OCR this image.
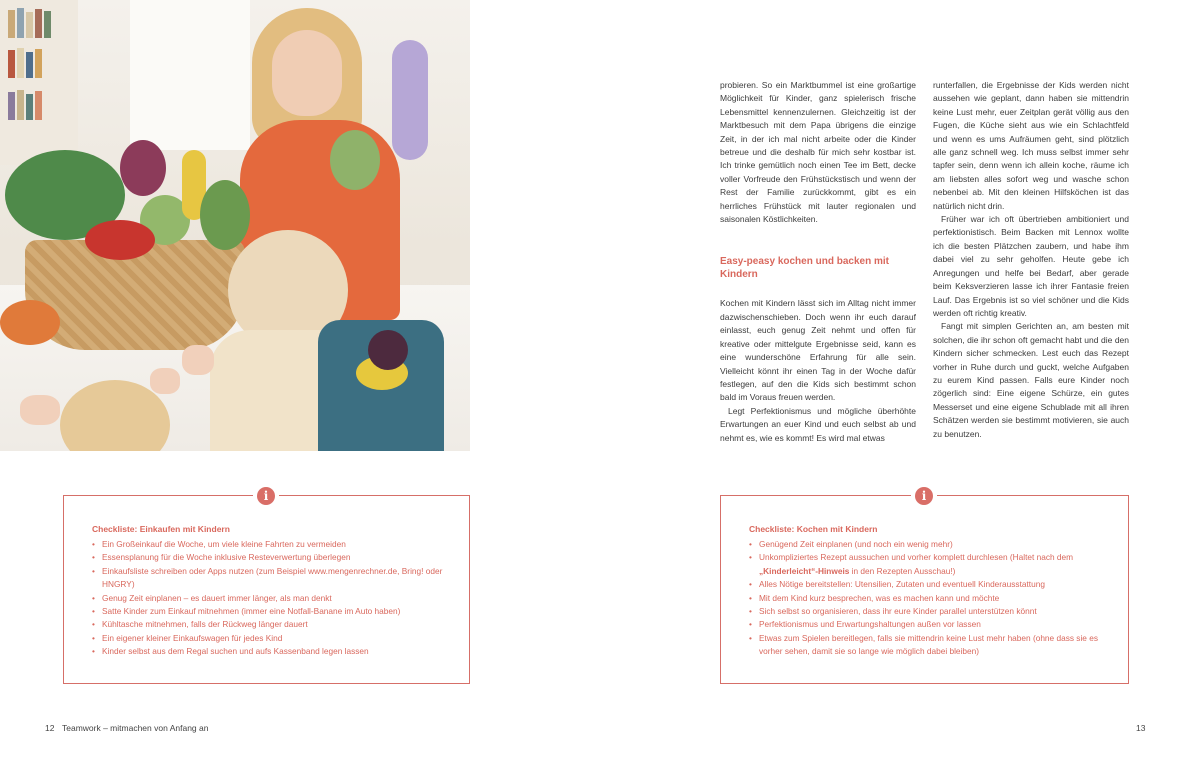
probieren. So ein Marktbummel ist eine großartige Möglichkeit für Kinder, ganz spielerisch frische Lebensmittel kennenzulernen. Gleichzeitig ist der Marktbesuch mit dem Papa übrigens die einzige Zeit, in der ich mal nicht arbeite oder die Kinder betreue und die deshalb für mich sehr kostbar ist. Ich trinke gemütlich noch einen Tee im Bett, decke voller Vorfreude den Frühstückstisch und wenn der Rest der Familie zurückkommt, gibt es ein herrliches Frühstück mit lauter regionalen und saisonalen Köstlichkeiten.

Easy-peasy kochen und backen mit Kindern

Kochen mit Kindern lässt sich im Alltag nicht immer dazwischenschieben. Doch wenn ihr euch darauf einlasst, euch genug Zeit nehmt und offen für kreative oder mittelgute Ergebnisse seid, kann es eine wunderschöne Erfahrung für alle sein. Vielleicht könnt ihr einen Tag in der Woche dafür festlegen, auf den die Kids sich bestimmt schon bald im Voraus freuen werden.

Legt Perfektionismus und mögliche überhöhte Erwartungen an euer Kind und euch selbst ab und nehmt es, wie es kommt! Es wird mal etwas

runterfallen, die Ergebnisse der Kids werden nicht aussehen wie geplant, dann haben sie mittendrin keine Lust mehr, euer Zeitplan gerät völlig aus den Fugen, die Küche sieht aus wie ein Schlachtfeld und wenn es ums Aufräumen geht, sind plötzlich alle ganz schnell weg. Ich muss selbst immer sehr tapfer sein, denn wenn ich allein koche, räume ich am liebsten alles sofort weg und wasche schon nebenbei ab. Mit den kleinen Hilfsköchen ist das natürlich nicht drin.

Früher war ich oft übertrieben ambitioniert und perfektionistisch. Beim Backen mit Lennox wollte ich die besten Plätzchen zaubern, und habe ihm dabei viel zu sehr geholfen. Heute gebe ich Anregungen und helfe bei Bedarf, aber gerade beim Keksverzieren lasse ich ihrer Fantasie freien Lauf. Das Ergebnis ist so viel schöner und die Kids werden oft richtig kreativ.

Fangt mit simplen Gerichten an, am besten mit solchen, die ihr schon oft gemacht habt und die den Kindern sicher schmecken. Lest euch das Rezept vorher in Ruhe durch und guckt, welche Aufgaben zu eurem Kind passen. Falls eure Kinder noch zögerlich sind: Eine eigene Schürze, ein gutes Messerset und eine eigene Schublade mit all ihren Schätzen werden sie bestimmt motivieren, sie auch zu benutzen.

i
Checkliste: Einkaufen mit Kindern
• Ein Großeinkauf die Woche, um viele kleine Fahrten zu vermeiden
• Essensplanung für die Woche inklusive Resteverwertung überlegen
• Einkaufsliste schreiben oder Apps nutzen (zum Beispiel www.mengenrechner.de, Bring! oder HNGRY)
• Genug Zeit einplanen – es dauert immer länger, als man denkt
• Satte Kinder zum Einkauf mitnehmen (immer eine Notfall-Banane im Auto haben)
• Kühltasche mitnehmen, falls der Rückweg länger dauert
• Ein eigener kleiner Einkaufswagen für jedes Kind
• Kinder selbst aus dem Regal suchen und aufs Kassenband legen lassen
i
Checkliste: Kochen mit Kindern
• Genügend Zeit einplanen (und noch ein wenig mehr)
• Unkompliziertes Rezept aussuchen und vorher komplett durchlesen (Haltet nach dem „Kinderleicht“-Hinweis in den Rezepten Ausschau!)
• Alles Nötige bereitstellen: Utensilien, Zutaten und eventuell Kinderausstattung
• Mit dem Kind kurz besprechen, was es machen kann und möchte
• Sich selbst so organisieren, dass ihr eure Kinder parallel unterstützen könnt
• Perfektionismus und Erwartungshaltungen außen vor lassen
• Etwas zum Spielen bereitlegen, falls sie mittendrin keine Lust mehr haben (ohne dass sie es vorher sehen, damit sie so lange wie möglich dabei bleiben)
12 Teamwork – mitmachen von Anfang an	13
